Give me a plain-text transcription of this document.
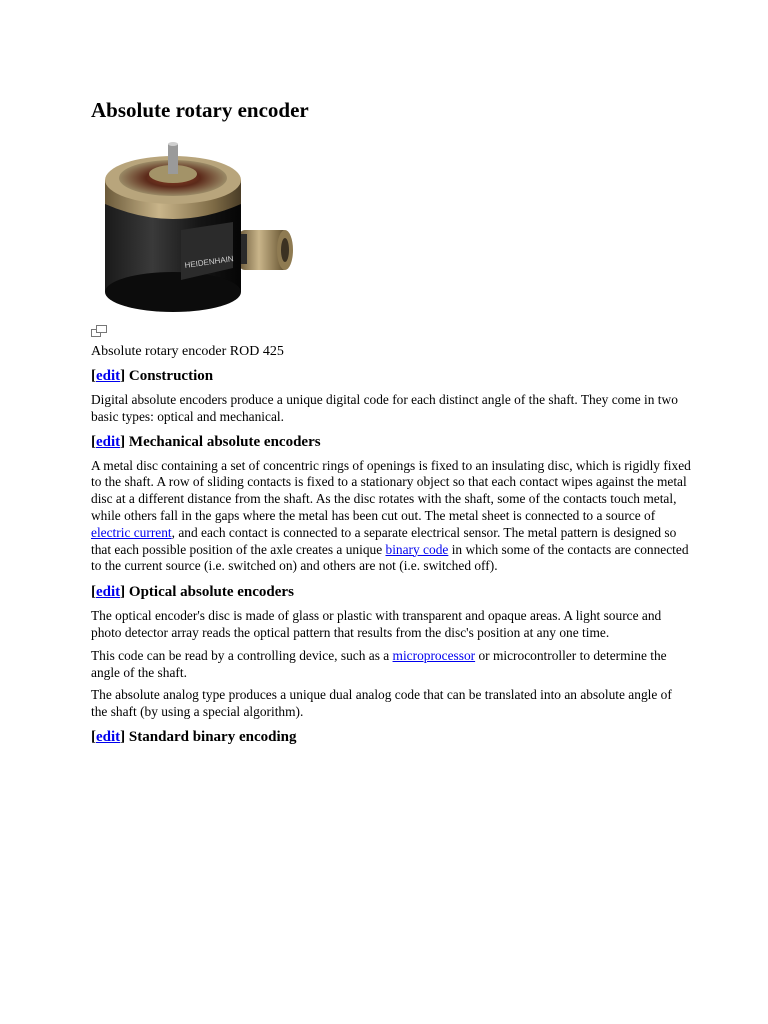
Absolute rotary encoder
HEIDENHAIN
Absolute rotary encoder ROD 425
[edit] Construction

Digital absolute encoders produce a unique digital code for each distinct angle of the shaft. They come in two basic types: optical and mechanical.

[edit] Mechanical absolute encoders

A metal disc containing a set of concentric rings of openings is fixed to an insulating disc, which is rigidly fixed to the shaft. A row of sliding contacts is fixed to a stationary object so that each contact wipes against the metal disc at a different distance from the shaft. As the disc rotates with the shaft, some of the contacts touch metal, while others fall in the gaps where the metal has been cut out. The metal sheet is connected to a source of electric current, and each contact is connected to a separate electrical sensor. The metal pattern is designed so that each possible position of the axle creates a unique binary code in which some of the contacts are connected to the current source (i.e. switched on) and others are not (i.e. switched off).

[edit] Optical absolute encoders

The optical encoder's disc is made of glass or plastic with transparent and opaque areas. A light source and photo detector array reads the optical pattern that results from the disc's position at any one time.

This code can be read by a controlling device, such as a microprocessor or microcontroller to determine the angle of the shaft.

The absolute analog type produces a unique dual analog code that can be translated into an absolute angle of the shaft (by using a special algorithm).

[edit] Standard binary encoding
